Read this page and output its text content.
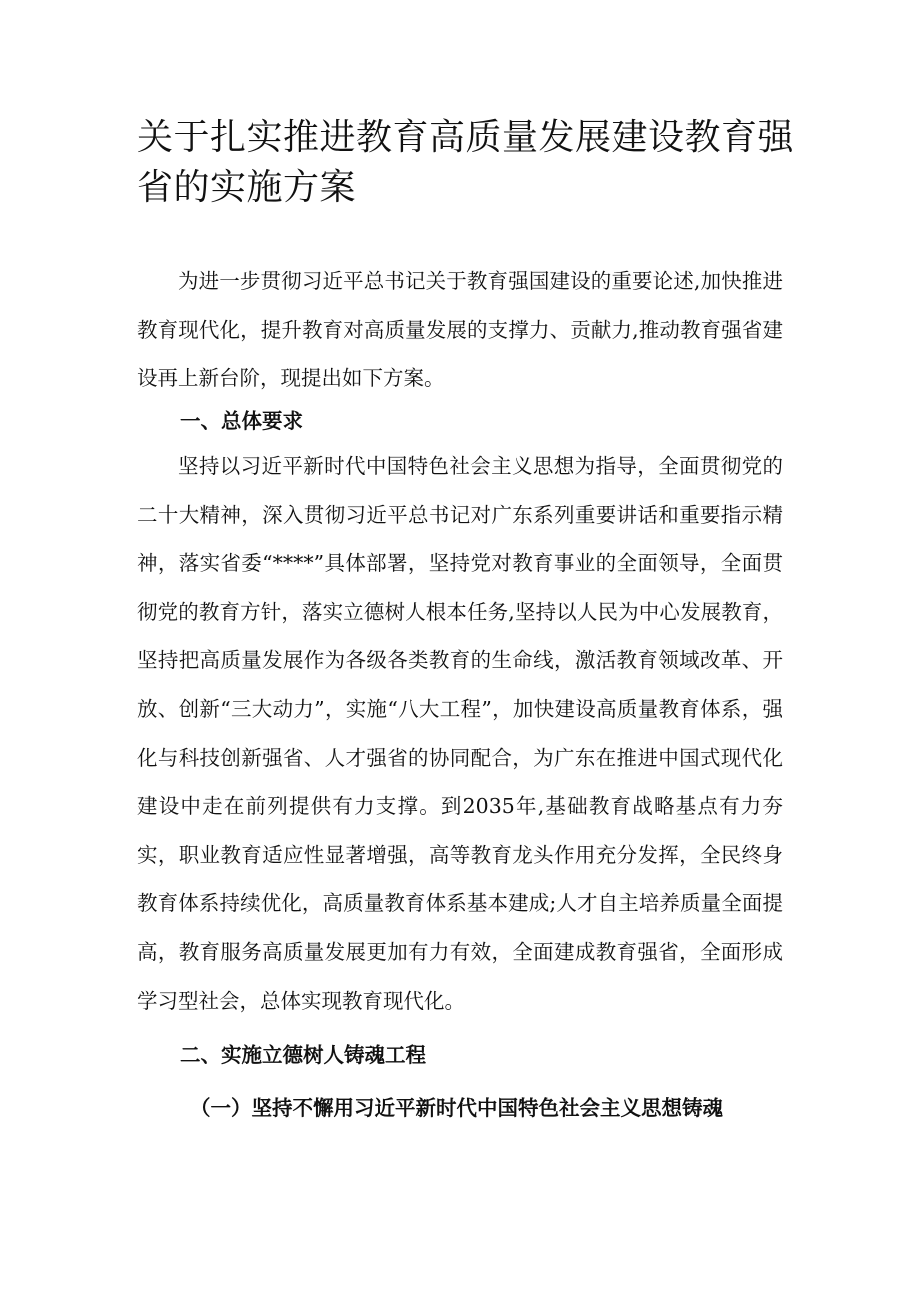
关于扎实推进教育高质量发展建设教育强省的实施方案

为进一步贯彻习近平总书记关于教育强国建设的重要论述,加快推进教育现代化，提升教育对高质量发展的支撑力、贡献力,推动教育强省建设再上新台阶，现提出如下方案。

一、总体要求

坚持以习近平新时代中国特色社会主义思想为指导，全面贯彻党的二十大精神，深入贯彻习近平总书记对广东系列重要讲话和重要指示精神，落实省委“****”具体部署，坚持党对教育事业的全面领导，全面贯彻党的教育方针，落实立德树人根本任务,坚持以人民为中心发展教育，坚持把高质量发展作为各级各类教育的生命线，激活教育领域改革、开放、创新“三大动力”，实施“八大工程”，加快建设高质量教育体系，强化与科技创新强省、人才强省的协同配合，为广东在推进中国式现代化建设中走在前列提供有力支撑。到2035年,基础教育战略基点有力夯实，职业教育适应性显著增强，高等教育龙头作用充分发挥，全民终身教育体系持续优化，高质量教育体系基本建成;人才自主培养质量全面提高，教育服务高质量发展更加有力有效，全面建成教育强省，全面形成学习型社会，总体实现教育现代化。

二、实施立德树人铸魂工程
（一）坚持不懈用习近平新时代中国特色社会主义思想铸魂
